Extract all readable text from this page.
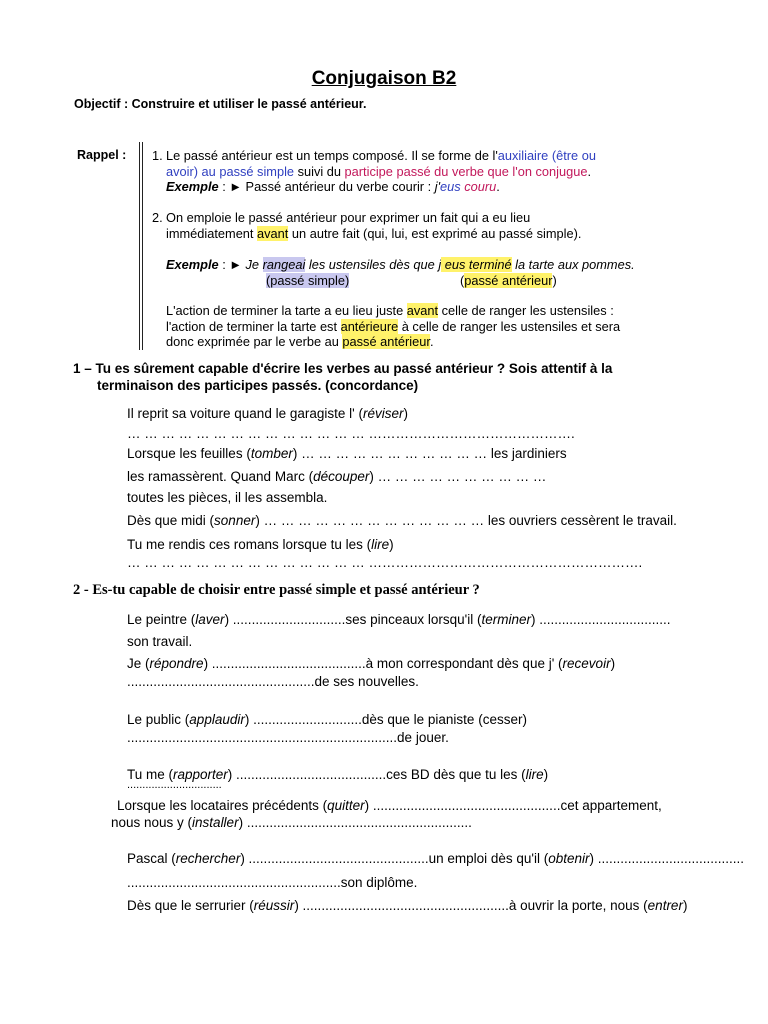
Conjugaison B2
Objectif : Construire et utiliser le passé antérieur.
Rappel : 1. Le passé antérieur est un temps composé. Il se forme de l'auxiliaire (être ou
avoir) au passé simple suivi du participe passé du verbe que l'on conjugue.
Exemple : ► Passé antérieur du verbe courir : j'eus couru.
2. On emploie le passé antérieur pour exprimer un fait qui a eu lieu
immédiatement avant un autre fait (qui, lui, est exprimé au passé simple).
Exemple : ► Je rangeai les ustensiles dès que j eus terminé la tarte aux pommes.
(passé simple)	(passé antérieur)
L'action de terminer la tarte a eu lieu juste avant celle de ranger les ustensiles :
l'action de terminer la tarte est antérieure à celle de ranger les ustensiles et sera
donc exprimée par le verbe au passé antérieur.
1 – Tu es sûrement capable d'écrire les verbes au passé antérieur ? Sois attentif à la
terminaison des participes passés. (concordance)
Il reprit sa voiture quand le garagiste l' (réviser)
… … … … … … … … … … … … … … ……………………………………….
Lorsque les feuilles (tomber) … … … … … … … … … … … les jardiniers
les ramassèrent. Quand Marc (découper) … … … … … … … … … …
toutes les pièces, il les assembla.
Dès que midi (sonner) … … … … … … … … … … … … … les ouvriers cessèrent le travail.
Tu me rendis ces romans lorsque tu les (lire)
… … … … … … … … … … … … … … …………………………………………………….
2 - Es-tu capable de choisir entre passé simple et passé antérieur ?
Le peintre (laver) ..............................ses pinceaux lorsqu'il (terminer) ...................................
son travail.
Je (répondre) .........................................à mon correspondant dès que j' (recevoir)
..................................................de ses nouvelles.
Le public (applaudir) .............................dès que le pianiste (cesser)
........................................................................de jouer.
Tu me (rapporter) ........................................ces BD dès que tu les (lire)
...............................
Lorsque les locataires précédents (quitter) ..................................................cet appartement,
nous nous y (installer) ............................................................
Pascal (rechercher) ................................................un emploi dès qu'il (obtenir) .......................................
.........................................................son diplôme.
Dès que le serrurier (réussir) .......................................................à ouvrir la porte, nous (entrer)
